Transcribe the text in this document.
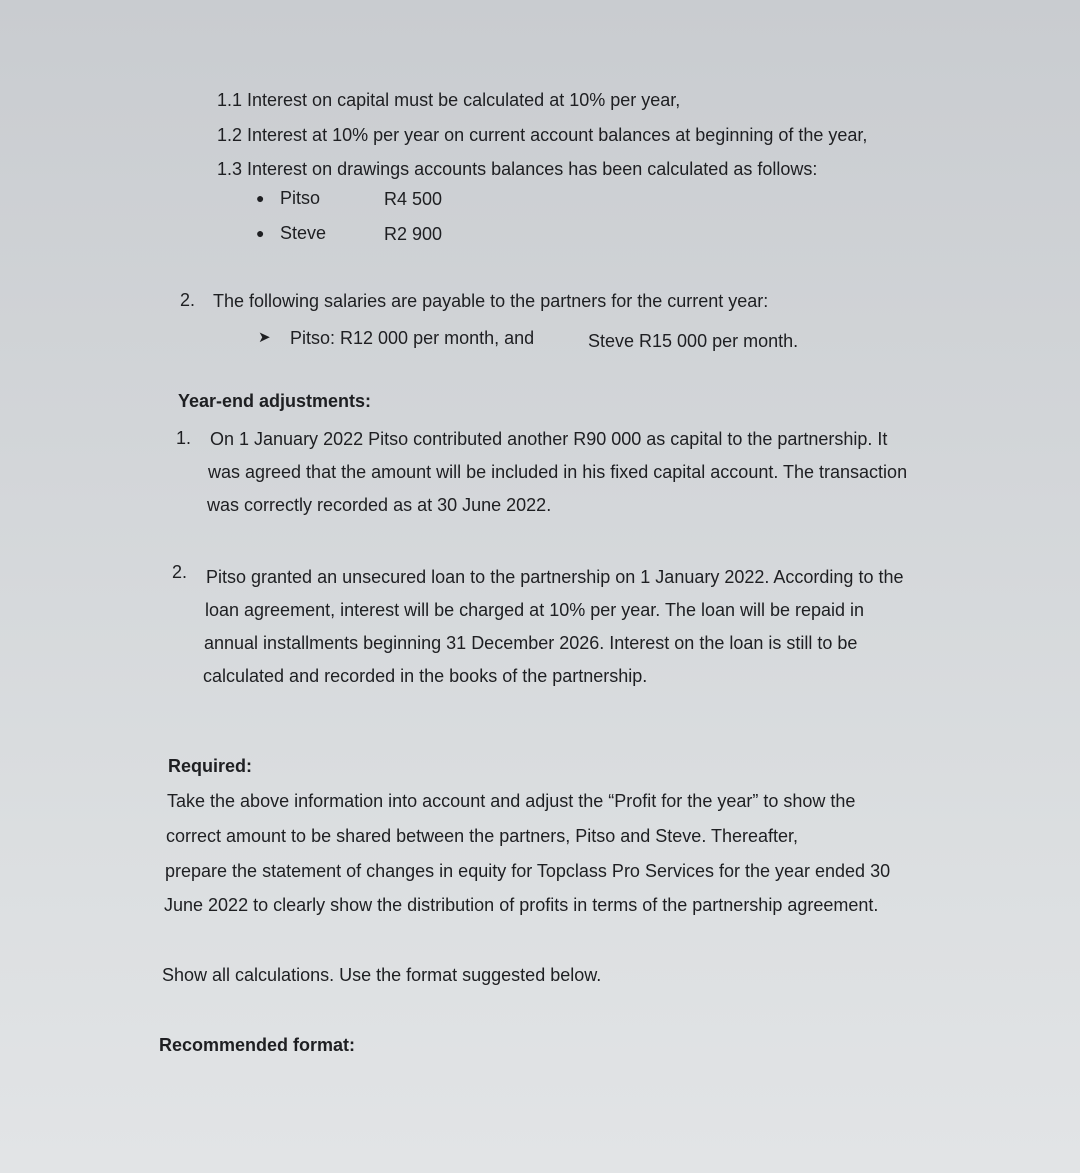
1.1 Interest on capital must be calculated at 10% per year,
1.2 Interest at 10% per year on current account balances at beginning of the year,
1.3 Interest on drawings accounts balances has been calculated as follows:
● Pitso	R4 500
● Steve	R2 900
2. The following salaries are payable to the partners for the current year:
➤ Pitso: R12 000 per month, and	Steve R15 000 per month.
Year-end adjustments:
1. On 1 January 2022 Pitso contributed another R90 000 as capital to the partnership. It
was agreed that the amount will be included in his fixed capital account. The transaction
was correctly recorded as at 30 June 2022.
2. Pitso granted an unsecured loan to the partnership on 1 January 2022. According to the
loan agreement, interest will be charged at 10% per year. The loan will be repaid in
annual installments beginning 31 December 2026. Interest on the loan is still to be
calculated and recorded in the books of the partnership.
Required:
Take the above information into account and adjust the “Profit for the year” to show the
correct amount to be shared between the partners, Pitso and Steve. Thereafter,
prepare the statement of changes in equity for Topclass Pro Services for the year ended 30
June 2022 to clearly show the distribution of profits in terms of the partnership agreement.
Show all calculations. Use the format suggested below.
Recommended format:
